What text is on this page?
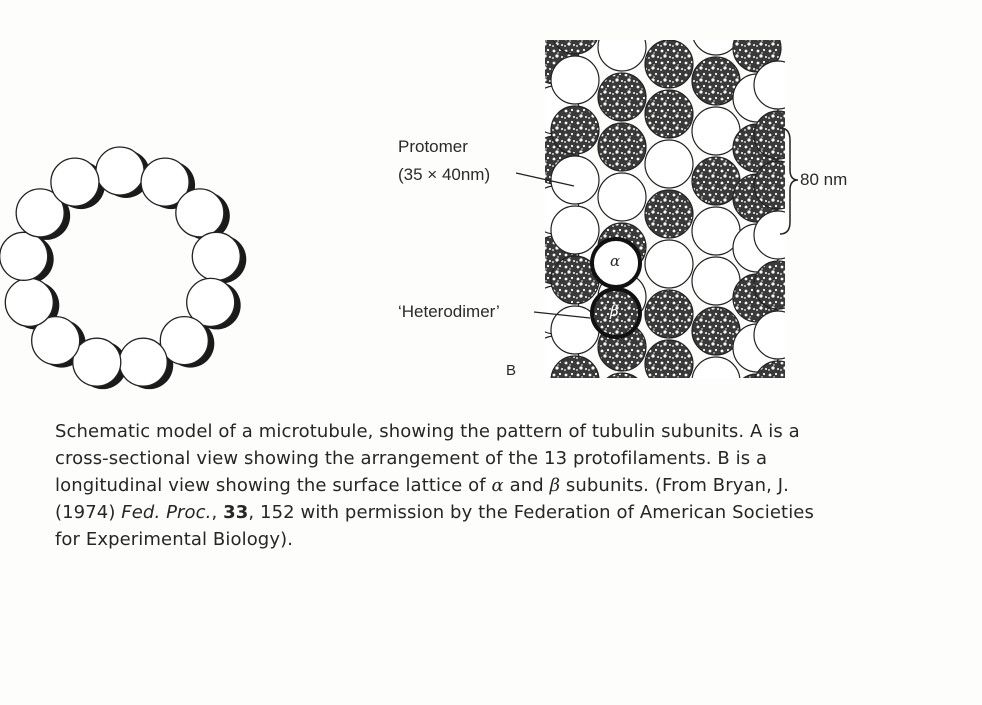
Protomer
(35 × 40nm)	80 nm
‘Heterodimer’
α
β
B
Schematic model of a microtubule, showing the pattern of tubulin subunits. A is a
cross-sectional view showing the arrangement of the 13 protofilaments. B is a
longitudinal view showing the surface lattice of α and β subunits. (From Bryan, J.
(1974) Fed. Proc., 33, 152 with permission by the Federation of American Societies
for Experimental Biology).
